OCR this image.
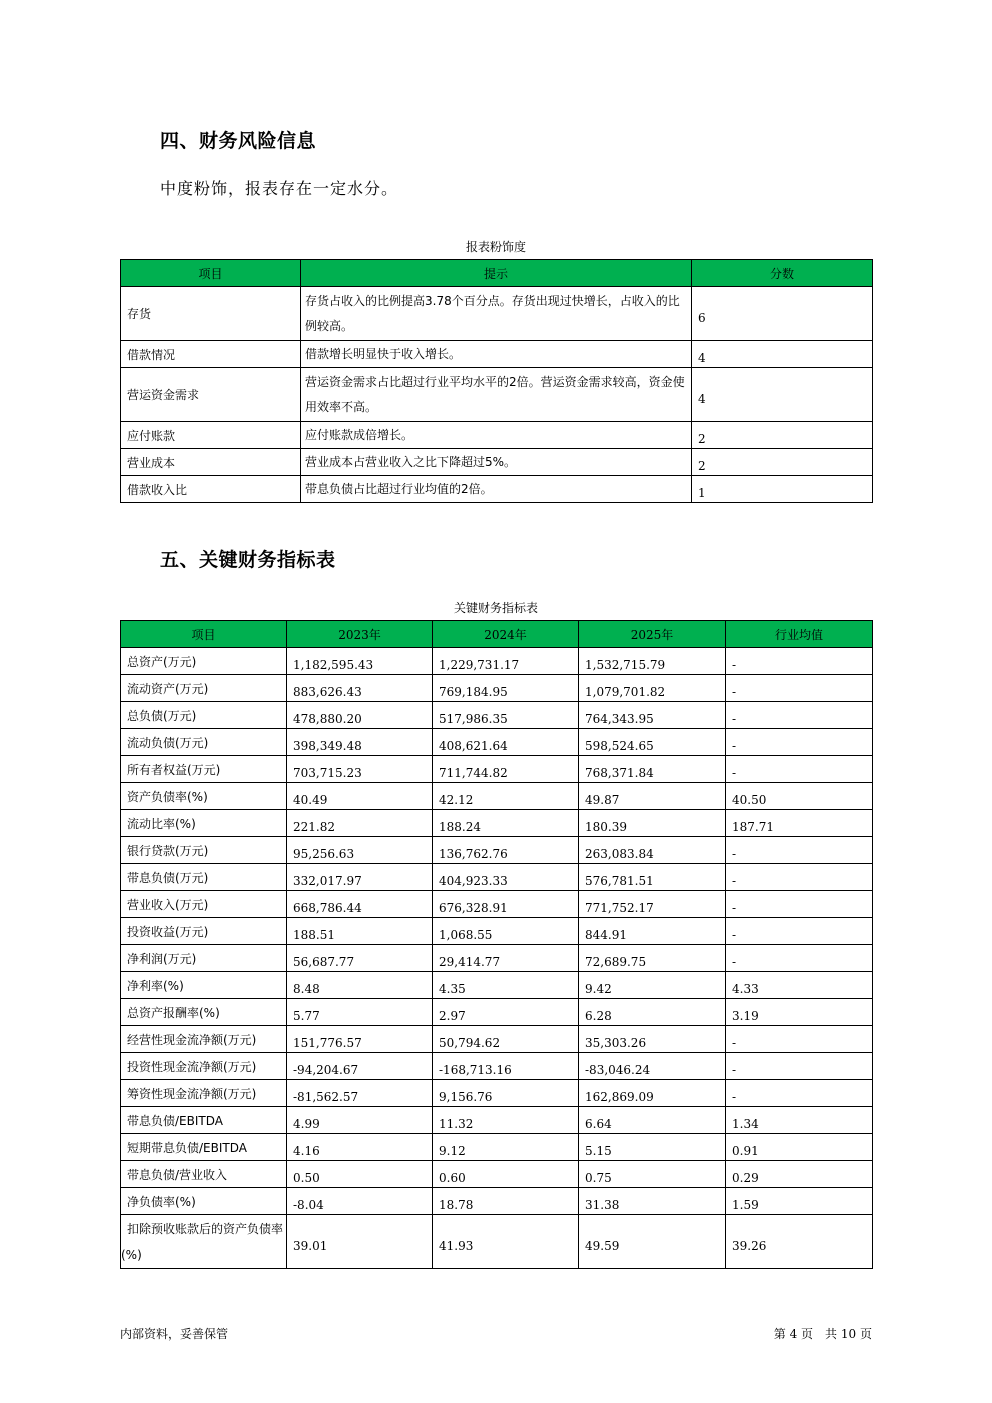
四、财务风险信息
中度粉饰，报表存在一定水分。
报表粉饰度
项目	提示	分数
存货	存货占收入的比例提高3.78个百分点。存货出现过快增长，占收入的比例较高。	6
借款情况	借款增长明显快于收入增长。	4
营运资金需求	营运资金需求占比超过行业平均水平的2倍。营运资金需求较高，资金使用效率不高。	4
应付账款	应付账款成倍增长。	2
营业成本	营业成本占营业收入之比下降超过5%。	2
借款收入比	带息负债占比超过行业均值的2倍。	1
五、关键财务指标表
关键财务指标表
项目	2023年	2024年	2025年	行业均值
总资产(万元)	1,182,595.43	1,229,731.17	1,532,715.79	-
流动资产(万元)	883,626.43	769,184.95	1,079,701.82	-
总负债(万元)	478,880.20	517,986.35	764,343.95	-
流动负债(万元)	398,349.48	408,621.64	598,524.65	-
所有者权益(万元)	703,715.23	711,744.82	768,371.84	-
资产负债率(%)	40.49	42.12	49.87	40.50
流动比率(%)	221.82	188.24	180.39	187.71
银行贷款(万元)	95,256.63	136,762.76	263,083.84	-
带息负债(万元)	332,017.97	404,923.33	576,781.51	-
营业收入(万元)	668,786.44	676,328.91	771,752.17	-
投资收益(万元)	188.51	1,068.55	844.91	-
净利润(万元)	56,687.77	29,414.77	72,689.75	-
净利率(%)	8.48	4.35	9.42	4.33
总资产报酬率(%)	5.77	2.97	6.28	3.19
经营性现金流净额(万元)	151,776.57	50,794.62	35,303.26	-
投资性现金流净额(万元)	-94,204.67	-168,713.16	-83,046.24	-
筹资性现金流净额(万元)	-81,562.57	9,156.76	162,869.09	-
带息负债/EBITDA	4.99	11.32	6.64	1.34
短期带息负债/EBITDA	4.16	9.12	5.15	0.91
带息负债/营业收入	0.50	0.60	0.75	0.29
净负债率(%)	-8.04	18.78	31.38	1.59
扣除预收账款后的资产负债率(%)	39.01	41.93	49.59	39.26
内部资料，妥善保管	第 4 页　共 10 页
